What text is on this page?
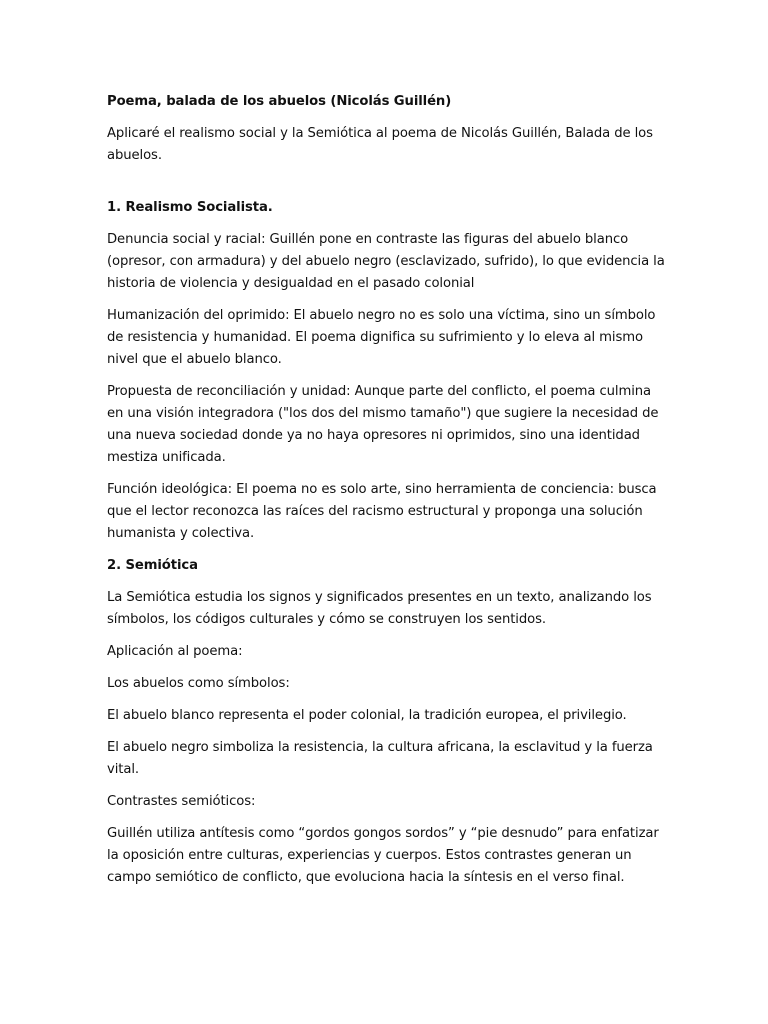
Poema, balada de los abuelos (Nicolás Guillén)

Aplicaré el realismo social y la Semiótica al poema de Nicolás Guillén, Balada de los abuelos.

1. Realismo Socialista.

Denuncia social y racial: Guillén pone en contraste las figuras del abuelo blanco (opresor, con armadura) y del abuelo negro (esclavizado, sufrido), lo que evidencia la historia de violencia y desigualdad en el pasado colonial

Humanización del oprimido: El abuelo negro no es solo una víctima, sino un símbolo de resistencia y humanidad. El poema dignifica su sufrimiento y lo eleva al mismo nivel que el abuelo blanco.

Propuesta de reconciliación y unidad: Aunque parte del conflicto, el poema culmina en una visión integradora ("los dos del mismo tamaño") que sugiere la necesidad de una nueva sociedad donde ya no haya opresores ni oprimidos, sino una identidad mestiza unificada.

Función ideológica: El poema no es solo arte, sino herramienta de conciencia: busca que el lector reconozca las raíces del racismo estructural y proponga una solución humanista y colectiva.

2. Semiótica

La Semiótica estudia los signos y significados presentes en un texto, analizando los símbolos, los códigos culturales y cómo se construyen los sentidos.

Aplicación al poema:

Los abuelos como símbolos:

El abuelo blanco representa el poder colonial, la tradición europea, el privilegio.

El abuelo negro simboliza la resistencia, la cultura africana, la esclavitud y la fuerza vital.

Contrastes semióticos:

Guillén utiliza antítesis como “gordos gongos sordos” y “pie desnudo” para enfatizar la oposición entre culturas, experiencias y cuerpos. Estos contrastes generan un campo semiótico de conflicto, que evoluciona hacia la síntesis en el verso final.
